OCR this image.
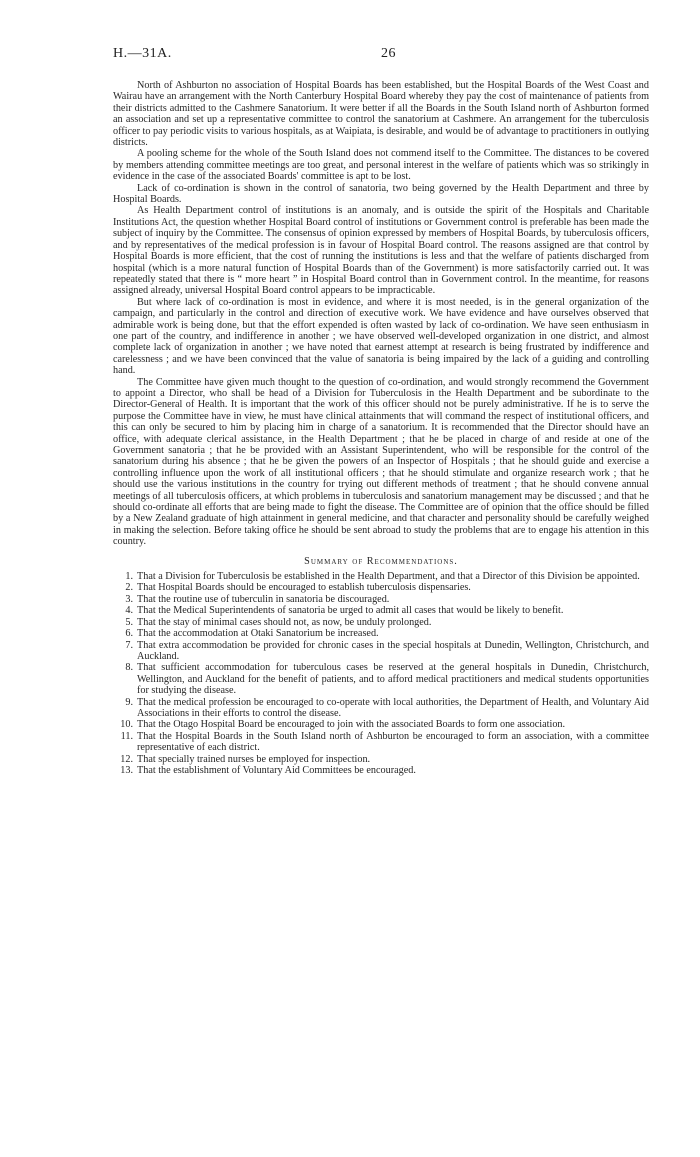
H.—31A.	26

North of Ashburton no association of Hospital Boards has been established, but the Hospital Boards of the West Coast and Wairau have an arrangement with the North Canterbury Hospital Board whereby they pay the cost of maintenance of patients from their districts admitted to the Cashmere Sanatorium. It were better if all the Boards in the South Island north of Ashburton formed an association and set up a representative committee to control the sanatorium at Cashmere. An arrangement for the tuberculosis officer to pay periodic visits to various hospitals, as at Waipiata, is desirable, and would be of advantage to practitioners in outlying districts.

A pooling scheme for the whole of the South Island does not commend itself to the Committee. The distances to be covered by members attending committee meetings are too great, and personal interest in the welfare of patients which was so strikingly in evidence in the case of the associated Boards' committee is apt to be lost.

Lack of co-ordination is shown in the control of sanatoria, two being governed by the Health Department and three by Hospital Boards.

As Health Department control of institutions is an anomaly, and is outside the spirit of the Hospitals and Charitable Institutions Act, the question whether Hospital Board control of institutions or Government control is preferable has been made the subject of inquiry by the Committee. The consensus of opinion expressed by members of Hospital Boards, by tuberculosis officers, and by representatives of the medical profession is in favour of Hospital Board control. The reasons assigned are that control by Hospital Boards is more efficient, that the cost of running the institutions is less and that the welfare of patients discharged from hospital (which is a more natural function of Hospital Boards than of the Government) is more satisfactorily carried out. It was repeatedly stated that there is “ more heart ” in Hospital Board control than in Government control. In the meantime, for reasons assigned already, universal Hospital Board control appears to be impracticable.

But where lack of co-ordination is most in evidence, and where it is most needed, is in the general organization of the campaign, and particularly in the control and direction of executive work. We have evidence and have ourselves observed that admirable work is being done, but that the effort expended is often wasted by lack of co-ordination. We have seen enthusiasm in one part of the country, and indifference in another ; we have observed well-developed organization in one district, and almost complete lack of organization in another ; we have noted that earnest attempt at research is being frustrated by indifference and carelessness ; and we have been convinced that the value of sanatoria is being impaired by the lack of a guiding and controlling hand.

The Committee have given much thought to the question of co-ordination, and would strongly recommend the Government to appoint a Director, who shall be head of a Division for Tuberculosis in the Health Department and be subordinate to the Director-General of Health. It is important that the work of this officer should not be purely administrative. If he is to serve the purpose the Committee have in view, he must have clinical attainments that will command the respect of institutional officers, and this can only be secured to him by placing him in charge of a sanatorium. It is recommended that the Director should have an office, with adequate clerical assistance, in the Health Department ; that he be placed in charge of and reside at one of the Government sanatoria ; that he be provided with an Assistant Superintendent, who will be responsible for the control of the sanatorium during his absence ; that he be given the powers of an Inspector of Hospitals ; that he should guide and exercise a controlling influence upon the work of all institutional officers ; that he should stimulate and organize research work ; that he should use the various institutions in the country for trying out different methods of treatment ; that he should convene annual meetings of all tuberculosis officers, at which problems in tuberculosis and sanatorium management may be discussed ; and that he should co-ordinate all efforts that are being made to fight the disease. The Committee are of opinion that the office should be filled by a New Zealand graduate of high attainment in general medicine, and that character and personality should be carefully weighed in making the selection. Before taking office he should be sent abroad to study the problems that are to engage his attention in this country.

Summary of Recommendations.
1. That a Division for Tuberculosis be established in the Health Department, and that a Director of this Division be appointed.
2. That Hospital Boards should be encouraged to establish tuberculosis dispensaries.
3. That the routine use of tuberculin in sanatoria be discouraged.
4. That the Medical Superintendents of sanatoria be urged to admit all cases that would be likely to benefit.
5. That the stay of minimal cases should not, as now, be unduly prolonged.
6. That the accommodation at Otaki Sanatorium be increased.
7. That extra accommodation be provided for chronic cases in the special hospitals at Dunedin, Wellington, Christchurch, and Auckland.
8. That sufficient accommodation for tuberculous cases be reserved at the general hospitals in Dunedin, Christchurch, Wellington, and Auckland for the benefit of patients, and to afford medical practitioners and medical students opportunities for studying the disease.
9. That the medical profession be encouraged to co-operate with local authorities, the Department of Health, and Voluntary Aid Associations in their efforts to control the disease.
10. That the Otago Hospital Board be encouraged to join with the associated Boards to form one association.
11. That the Hospital Boards in the South Island north of Ashburton be encouraged to form an association, with a committee representative of each district.
12. That specially trained nurses be employed for inspection.
13. That the establishment of Voluntary Aid Committees be encouraged.
